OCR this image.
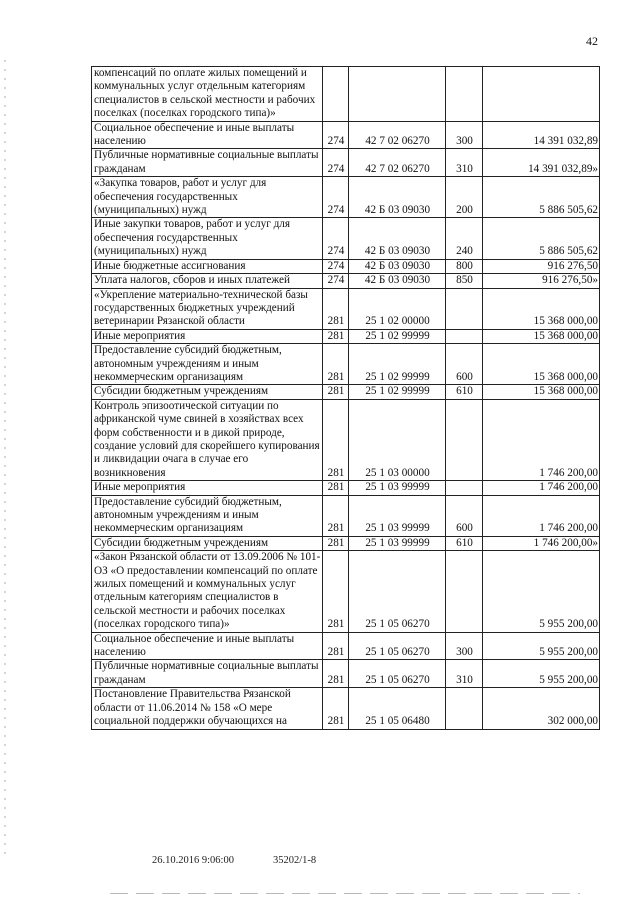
42
компенсаций по оплате жилых помещений и коммунальных услуг отдельным категориям специалистов в сельской местности и рабочих поселках (поселках городского типа)»				
Социальное обеспечение и иные выплаты населению	274	42 7 02 06270	300	14 391 032,89
Публичные нормативные социальные выплаты гражданам	274	42 7 02 06270	310	14 391 032,89»
«Закупка товаров, работ и услуг для обеспечения государственных (муниципальных) нужд	274	42 Б 03 09030	200	5 886 505,62
Иные закупки товаров, работ и услуг для обеспечения государственных (муниципальных) нужд	274	42 Б 03 09030	240	5 886 505,62
Иные бюджетные ассигнования	274	42 Б 03 09030	800	916 276,50
Уплата налогов, сборов и иных платежей	274	42 Б 03 09030	850	916 276,50»
«Укрепление материально-технической базы государственных бюджетных учреждений ветеринарии Рязанской области	281	25 1 02 00000		15 368 000,00
Иные мероприятия	281	25 1 02 99999		15 368 000,00
Предоставление субсидий бюджетным, автономным учреждениям и иным некоммерческим организациям	281	25 1 02 99999	600	15 368 000,00
Субсидии бюджетным учреждениям	281	25 1 02 99999	610	15 368 000,00
Контроль эпизоотической ситуации по африканской чуме свиней в хозяйствах всех форм собственности и в дикой природе, создание условий для скорейшего купирования и ликвидации очага в случае его возникновения	281	25 1 03 00000		1 746 200,00
Иные мероприятия	281	25 1 03 99999		1 746 200,00
Предоставление субсидий бюджетным, автономным учреждениям и иным некоммерческим организациям	281	25 1 03 99999	600	1 746 200,00
Субсидии бюджетным учреждениям	281	25 1 03 99999	610	1 746 200,00»
«Закон Рязанской области от 13.09.2006 № 101-ОЗ «О предоставлении компенсаций по оплате жилых помещений и коммунальных услуг отдельным категориям специалистов в сельской местности и рабочих поселках (поселках городского типа)»	281	25 1 05 06270		5 955 200,00
Социальное обеспечение и иные выплаты населению	281	25 1 05 06270	300	5 955 200,00
Публичные нормативные социальные выплаты гражданам	281	25 1 05 06270	310	5 955 200,00
Постановление Правительства Рязанской области от 11.06.2014 № 158 «О мере социальной поддержки обучающихся на	281	25 1 05 06480		302 000,00
26.10.2016 9:06:00	35202/1-8
